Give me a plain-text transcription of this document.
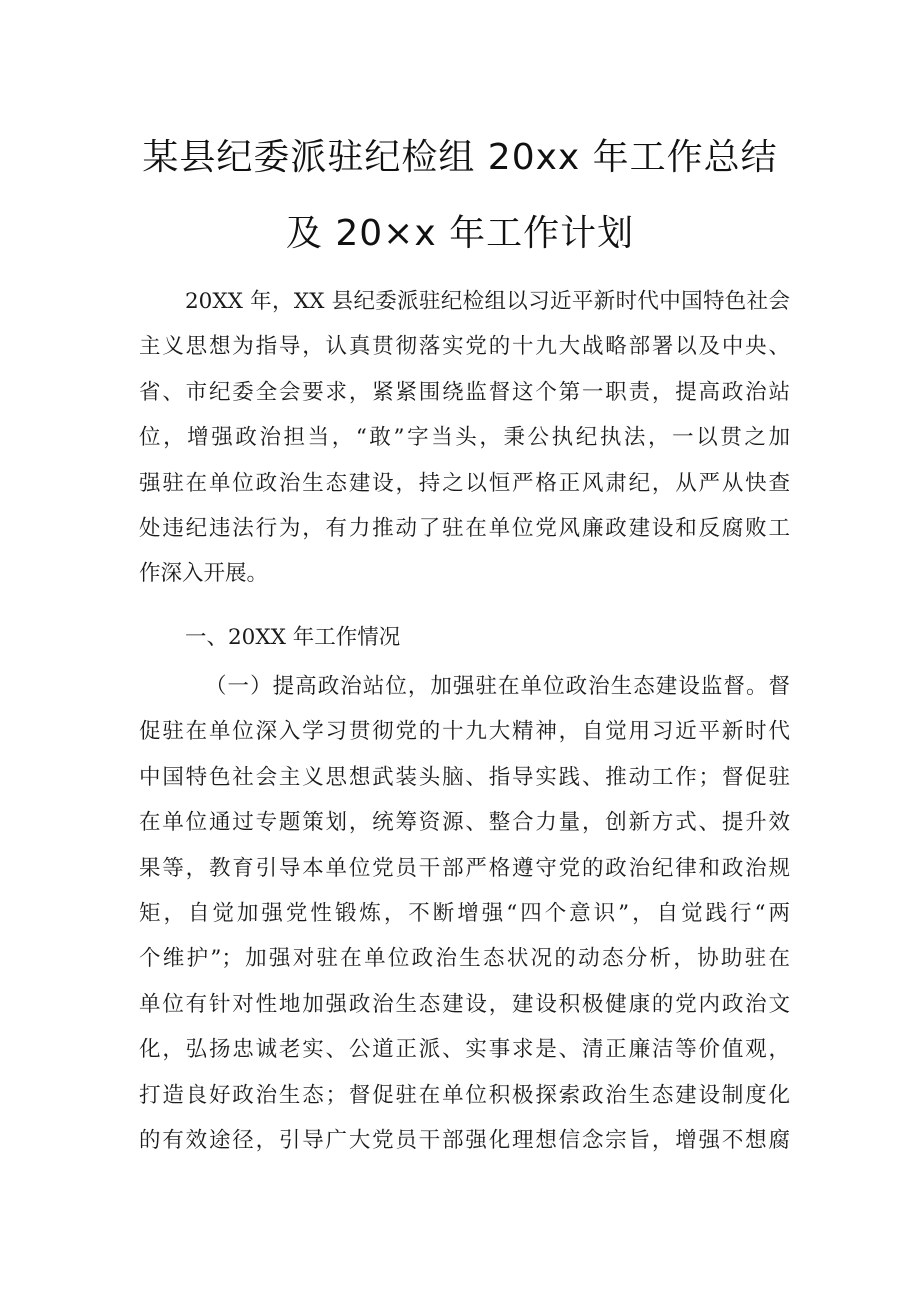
某县纪委派驻纪检组 20xx 年工作总结
及 20×x 年工作计划
20XX 年，XX 县纪委派驻纪检组以习近平新时代中国特色社会
主义思想为指导，认真贯彻落实党的十九大战略部署以及中央、
省、市纪委全会要求，紧紧围绕监督这个第一职责，提高政治站
位，增强政治担当，“敢”字当头，秉公执纪执法，一以贯之加
强驻在单位政治生态建设，持之以恒严格正风肃纪，从严从快查
处违纪违法行为，有力推动了驻在单位党风廉政建设和反腐败工
作深入开展。
一、20XX 年工作情况
（一）提高政治站位，加强驻在单位政治生态建设监督。督
促驻在单位深入学习贯彻党的十九大精神，自觉用习近平新时代
中国特色社会主义思想武装头脑、指导实践、推动工作；督促驻
在单位通过专题策划，统筹资源、整合力量，创新方式、提升效
果等，教育引导本单位党员干部严格遵守党的政治纪律和政治规
矩，自觉加强党性锻炼，不断增强“四个意识”，自觉践行“两
个维护”；加强对驻在单位政治生态状况的动态分析，协助驻在
单位有针对性地加强政治生态建设，建设积极健康的党内政治文
化，弘扬忠诚老实、公道正派、实事求是、清正廉洁等价值观，
打造良好政治生态；督促驻在单位积极探索政治生态建设制度化
的有效途径，引导广大党员干部强化理想信念宗旨，增强不想腐
